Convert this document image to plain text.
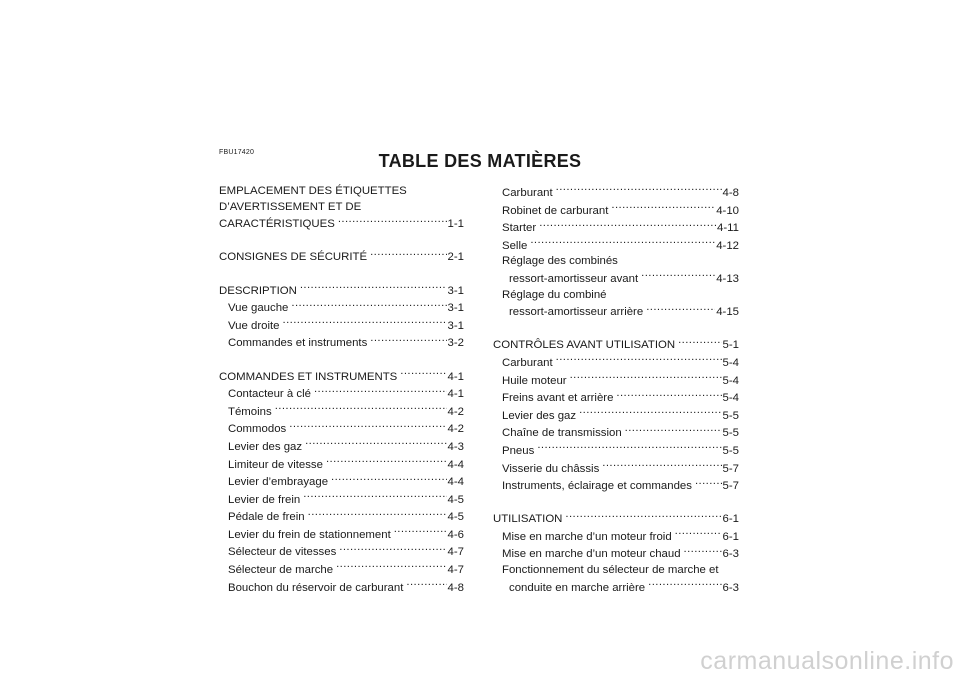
FBU17420	TABLE DES MATIÈRES
EMPLACEMENT DES ÉTIQUETTES
D’AVERTISSEMENT ET DE
CARACTÉRISTIQUES .....	1-1
CONSIGNES DE SÉCURITÉ .....	2-1
DESCRIPTION .....	3-1
Vue gauche .....	3-1
Vue droite .....	3-1
Commandes et instruments .....	3-2
COMMANDES ET INSTRUMENTS .....	4-1
Contacteur à clé .....	4-1
Témoins .....	4-2
Commodos .....	4-2
Levier des gaz .....	4-3
Limiteur de vitesse .....	4-4
Levier d’embrayage .....	4-4
Levier de frein .....	4-5
Pédale de frein .....	4-5
Levier du frein de stationnement .....	4-6
Sélecteur de vitesses .....	4-7
Sélecteur de marche .....	4-7
Bouchon du réservoir de carburant .....	4-8
Carburant .....	4-8
Robinet de carburant .....	4-10
Starter .....	4-11
Selle .....	4-12
Réglage des combinés
ressort-amortisseur avant .....	4-13
Réglage du combiné
ressort-amortisseur arrière .....	4-15
CONTRÔLES AVANT UTILISATION .....	5-1
Carburant .....	5-4
Huile moteur .....	5-4
Freins avant et arrière .....	5-4
Levier des gaz .....	5-5
Chaîne de transmission .....	5-5
Pneus .....	5-5
Visserie du châssis .....	5-7
Instruments, éclairage et commandes .....	5-7
UTILISATION .....	6-1
Mise en marche d’un moteur froid .....	6-1
Mise en marche d’un moteur chaud .....	6-3
Fonctionnement du sélecteur de marche et
conduite en marche arrière .....	6-3
carmanualsonline.info
